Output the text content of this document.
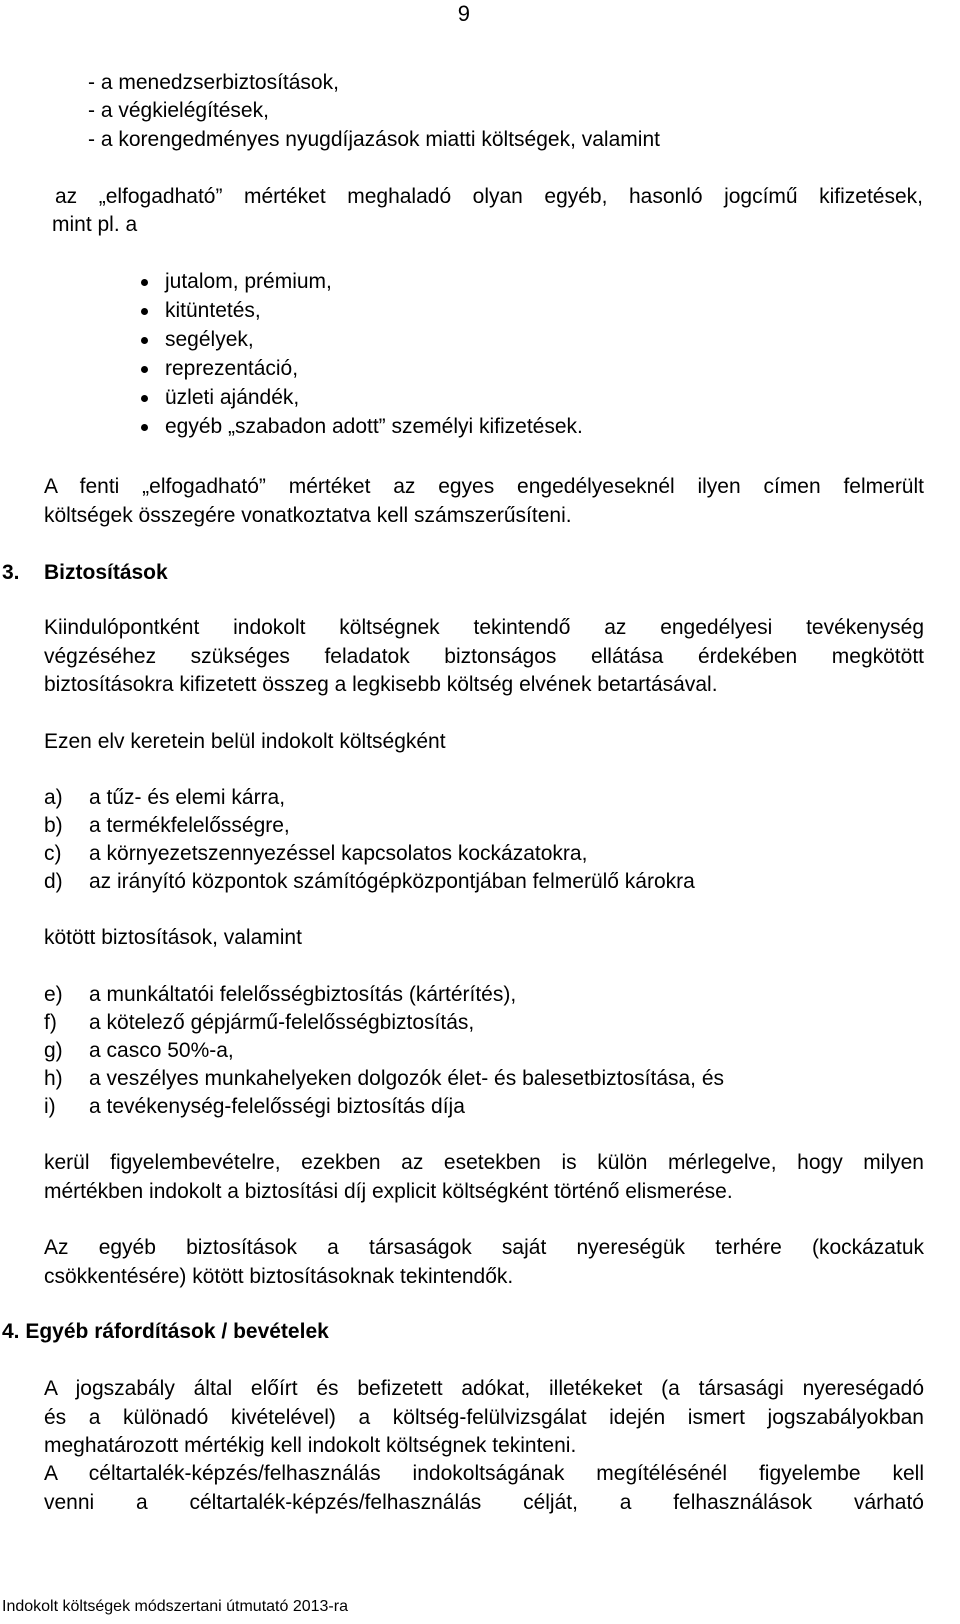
9
- a menedzserbiztosítások,
- a végkielégítések,
- a korengedményes nyugdíjazások miatti költségek, valamint
az „elfogadható” mértéket meghaladó olyan egyéb, hasonló jogcímű kifizetések,
mint pl. a
jutalom, prémium,
kitüntetés,
segélyek,
reprezentáció,
üzleti ajándék,
egyéb „szabadon adott” személyi kifizetések.
A fenti „elfogadható” mértéket az egyes engedélyeseknél ilyen címen felmerült
költségek összegére vonatkoztatva kell számszerűsíteni.
3. Biztosítások
Kiindulópontként indokolt költségnek tekintendő az engedélyesi tevékenység
végzéséhez szükséges feladatok biztonságos ellátása érdekében megkötött
biztosításokra kifizetett összeg a legkisebb költség elvének betartásával.
Ezen elv keretein belül indokolt költségként
a)	a tűz- és elemi kárra,
b)	a termékfelelősségre,
c)	a környezetszennyezéssel kapcsolatos kockázatokra,
d)	az irányító központok számítógépközpontjában felmerülő károkra
kötött biztosítások, valamint
e)	a munkáltatói felelősségbiztosítás (kártérítés),
f)	a kötelező gépjármű-felelősségbiztosítás,
g)	a casco 50%-a,
h)	a veszélyes munkahelyeken dolgozók élet- és balesetbiztosítása, és
i)	a tevékenység-felelősségi biztosítás díja
kerül figyelembevételre, ezekben az esetekben is külön mérlegelve, hogy milyen
mértékben indokolt a biztosítási díj explicit költségként történő elismerése.
Az egyéb biztosítások a társaságok saját nyereségük terhére (kockázatuk
csökkentésére) kötött biztosításoknak tekintendők.
4. Egyéb ráfordítások / bevételek
A jogszabály által előírt és befizetett adókat, illetékeket (a társasági nyereségadó
és a különadó kivételével) a költség-felülvizsgálat idején ismert jogszabályokban
meghatározott mértékig kell indokolt költségnek tekinteni.
A céltartalék-képzés/felhasználás indokoltságának megítélésénél figyelembe kell
venni a céltartalék-képzés/felhasználás célját, a felhasználások várható
Indokolt költségek módszertani útmutató 2013-ra
